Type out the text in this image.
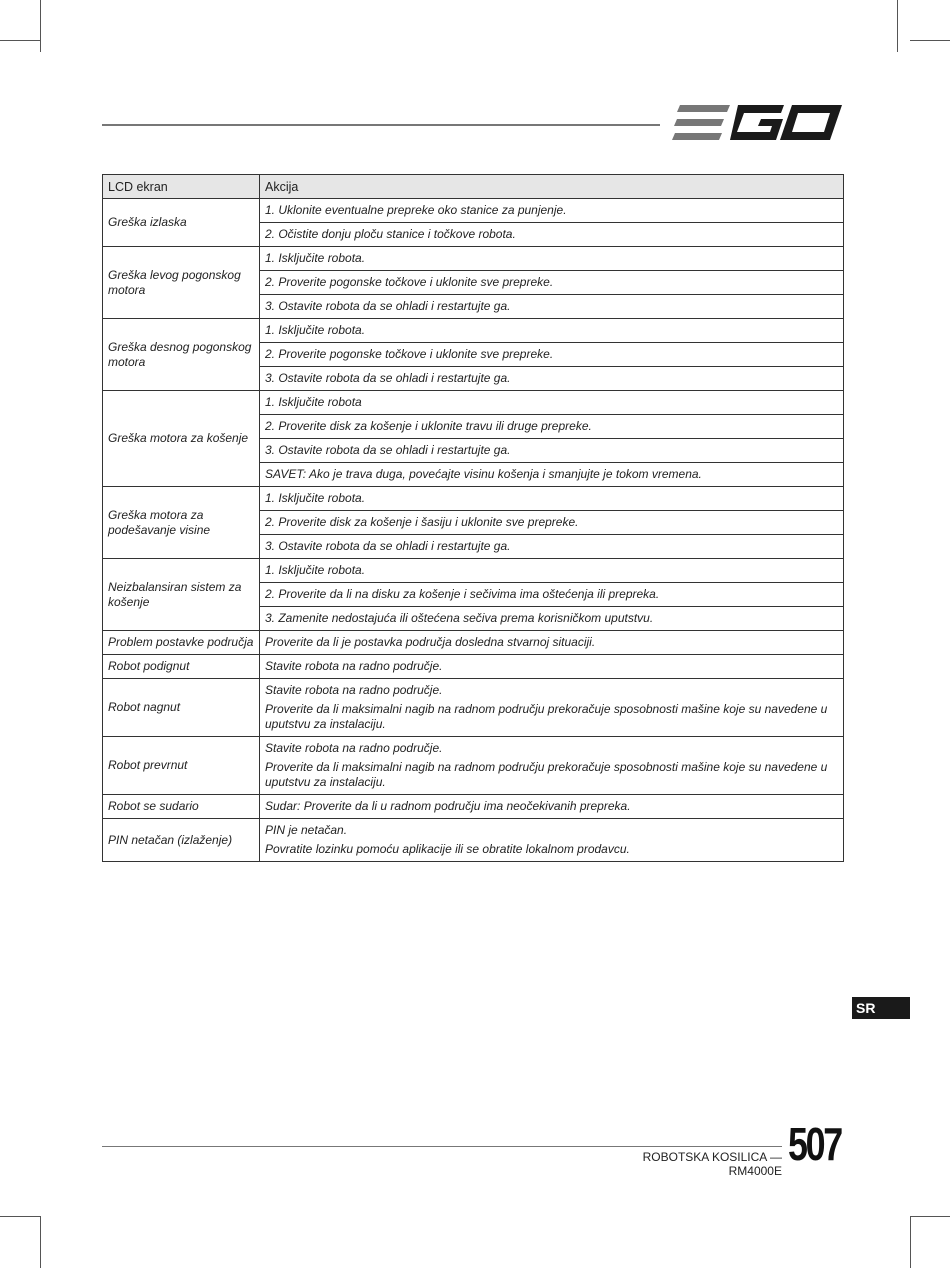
LCD ekran	Akcija
Greška izlaska	1. Uklonite eventualne prepreke oko stanice za punjenje.
	2. Očistite donju ploču stanice i točkove robota.
Greška levog pogonskog motora	1. Isključite robota.
	2. Proverite pogonske točkove i uklonite sve prepreke.
	3. Ostavite robota da se ohladi i restartujte ga.
Greška desnog pogonskog motora	1. Isključite robota.
	2. Proverite pogonske točkove i uklonite sve prepreke.
	3. Ostavite robota da se ohladi i restartujte ga.
Greška motora za košenje	1. Isključite robota
	2. Proverite disk za košenje i uklonite travu ili druge prepreke.
	3. Ostavite robota da se ohladi i restartujte ga.
	SAVET: Ako je trava duga, povećajte visinu košenja i smanjujte je tokom vremena.
Greška motora za podešavanje visine	1. Isključite robota.
	2. Proverite disk za košenje i šasiju i uklonite sve prepreke.
	3. Ostavite robota da se ohladi i restartujte ga.
Neizbalansiran sistem za košenje	1. Isključite robota.
	2. Proverite da li na disku za košenje i sečivima ima oštećenja ili prepreka.
	3. Zamenite nedostajuća ili oštećena sečiva prema korisničkom uputstvu.
Problem postavke područja	Proverite da li je postavka područja dosledna stvarnoj situaciji.
Robot podignut	Stavite robota na radno područje.
Robot nagnut	Stavite robota na radno područje.
Proverite da li maksimalni nagib na radnom području prekoračuje sposobnosti mašine koje su navedene u uputstvu za instalaciju.

Robot prevrnut	Stavite robota na radno područje.
Proverite da li maksimalni nagib na radnom području prekoračuje sposobnosti mašine koje su navedene u uputstvu za instalaciju.

Robot se sudario	Sudar: Proverite da li u radnom području ima neočekivanih prepreka.
PIN netačan (izlaženje)	PIN je netačan.
Povratite lozinku pomoću aplikacije ili se obratite lokalnom prodavcu.
SR
ROBOTSKA KOSILICA — RM4000E
507
